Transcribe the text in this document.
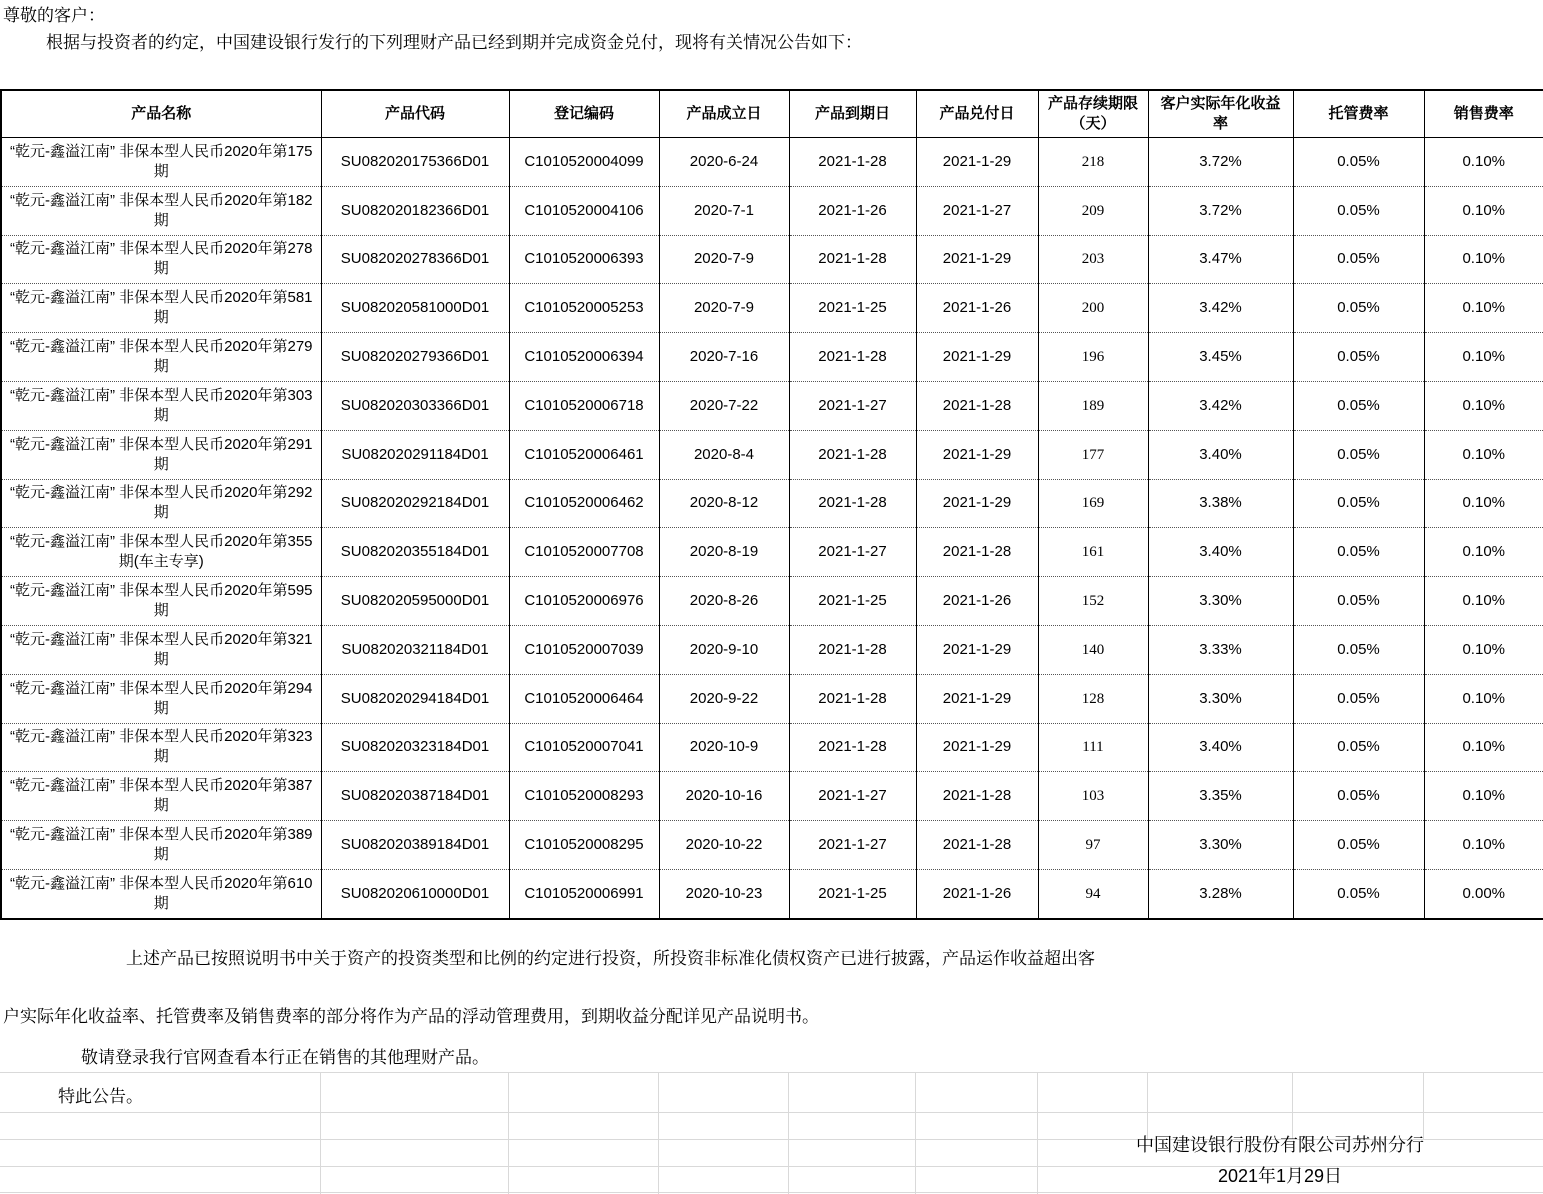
尊敬的客户：
根据与投资者的约定，中国建设银行发行的下列理财产品已经到期并完成资金兑付，现将有关情况公告如下：
产品名称	产品代码	登记编码	产品成立日	产品到期日	产品兑付日	产品存续期限（天）	客户实际年化收益率	托管费率	销售费率
“乾元-鑫溢江南” 非保本型人民币2020年第175期	SU082020175366D01	C1010520004099	2020-6-24	2021-1-28	2021-1-29	218	3.72%	0.05%	0.10%
“乾元-鑫溢江南” 非保本型人民币2020年第182期	SU082020182366D01	C1010520004106	2020-7-1	2021-1-26	2021-1-27	209	3.72%	0.05%	0.10%
“乾元-鑫溢江南” 非保本型人民币2020年第278期	SU082020278366D01	C1010520006393	2020-7-9	2021-1-28	2021-1-29	203	3.47%	0.05%	0.10%
“乾元-鑫溢江南” 非保本型人民币2020年第581期	SU082020581000D01	C1010520005253	2020-7-9	2021-1-25	2021-1-26	200	3.42%	0.05%	0.10%
“乾元-鑫溢江南” 非保本型人民币2020年第279期	SU082020279366D01	C1010520006394	2020-7-16	2021-1-28	2021-1-29	196	3.45%	0.05%	0.10%
“乾元-鑫溢江南” 非保本型人民币2020年第303期	SU082020303366D01	C1010520006718	2020-7-22	2021-1-27	2021-1-28	189	3.42%	0.05%	0.10%
“乾元-鑫溢江南” 非保本型人民币2020年第291期	SU082020291184D01	C1010520006461	2020-8-4	2021-1-28	2021-1-29	177	3.40%	0.05%	0.10%
“乾元-鑫溢江南” 非保本型人民币2020年第292期	SU082020292184D01	C1010520006462	2020-8-12	2021-1-28	2021-1-29	169	3.38%	0.05%	0.10%
“乾元-鑫溢江南” 非保本型人民币2020年第355期(车主专享)	SU082020355184D01	C1010520007708	2020-8-19	2021-1-27	2021-1-28	161	3.40%	0.05%	0.10%
“乾元-鑫溢江南” 非保本型人民币2020年第595期	SU082020595000D01	C1010520006976	2020-8-26	2021-1-25	2021-1-26	152	3.30%	0.05%	0.10%
“乾元-鑫溢江南” 非保本型人民币2020年第321期	SU082020321184D01	C1010520007039	2020-9-10	2021-1-28	2021-1-29	140	3.33%	0.05%	0.10%
“乾元-鑫溢江南” 非保本型人民币2020年第294期	SU082020294184D01	C1010520006464	2020-9-22	2021-1-28	2021-1-29	128	3.30%	0.05%	0.10%
“乾元-鑫溢江南” 非保本型人民币2020年第323期	SU082020323184D01	C1010520007041	2020-10-9	2021-1-28	2021-1-29	111	3.40%	0.05%	0.10%
“乾元-鑫溢江南” 非保本型人民币2020年第387期	SU082020387184D01	C1010520008293	2020-10-16	2021-1-27	2021-1-28	103	3.35%	0.05%	0.10%
“乾元-鑫溢江南” 非保本型人民币2020年第389期	SU082020389184D01	C1010520008295	2020-10-22	2021-1-27	2021-1-28	97	3.30%	0.05%	0.10%
“乾元-鑫溢江南” 非保本型人民币2020年第610期	SU082020610000D01	C1010520006991	2020-10-23	2021-1-25	2021-1-26	94	3.28%	0.05%	0.00%
上述产品已按照说明书中关于资产的投资类型和比例的约定进行投资，所投资非标准化债权资产已进行披露，产品运作收益超出客
户实际年化收益率、托管费率及销售费率的部分将作为产品的浮动管理费用，到期收益分配详见产品说明书。
敬请登录我行官网查看本行正在销售的其他理财产品。
特此公告。
中国建设银行股份有限公司苏州分行
2021年1月29日
